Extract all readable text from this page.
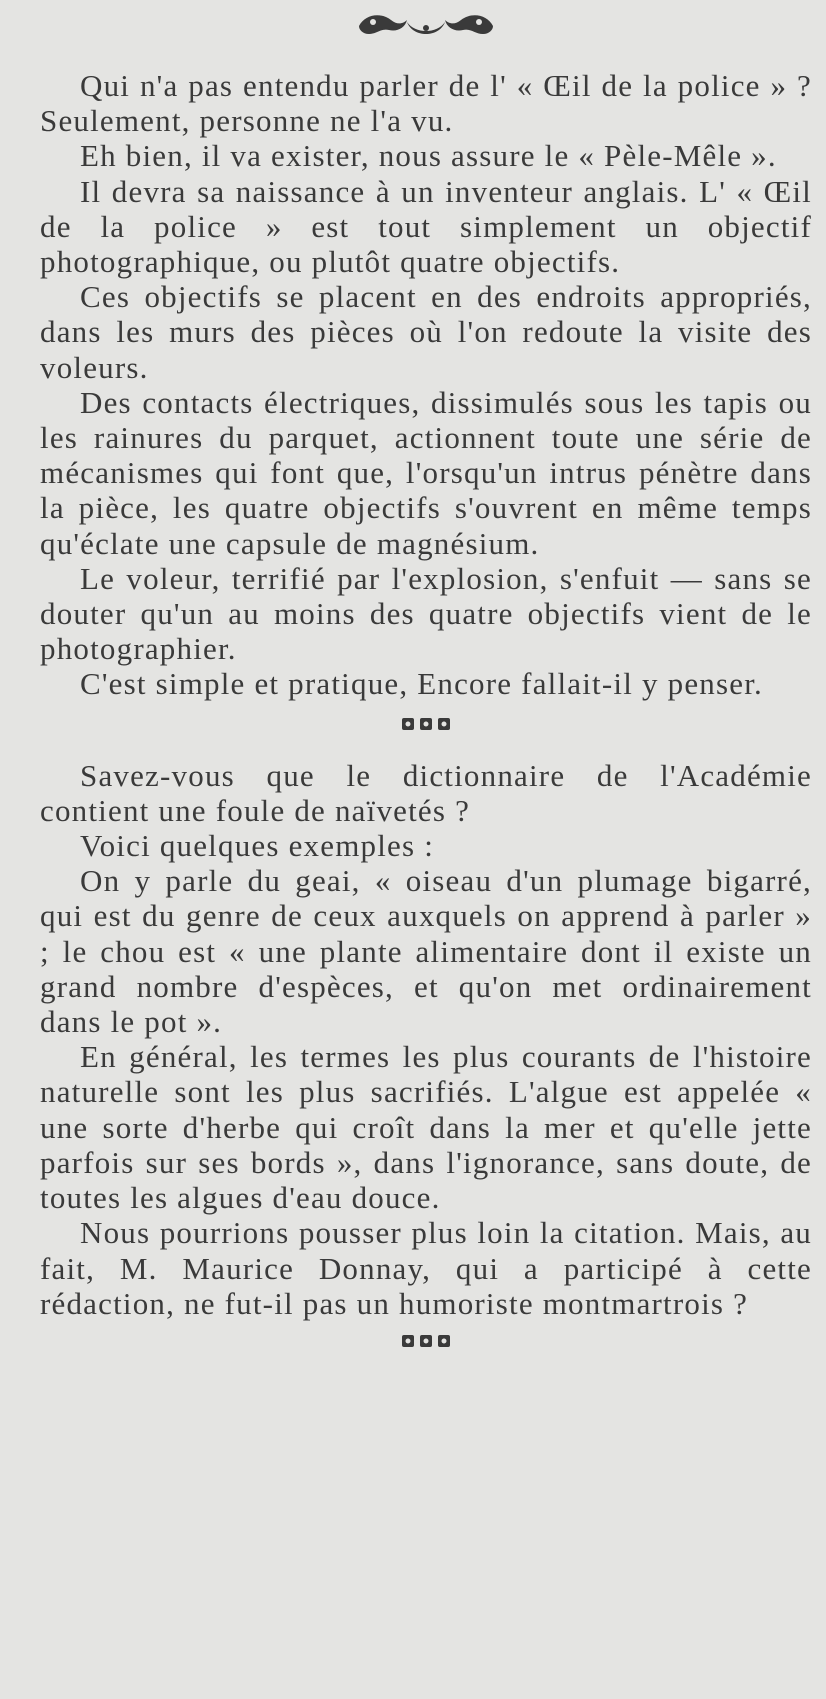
Qui n'a pas entendu parler de l' « Œil de la police » ? Seulement, personne ne l'a vu.

Eh bien, il va exister, nous assure le « Pèle-Mêle ».

Il devra sa naissance à un inventeur anglais. L' « Œil de la police » est tout simplement un objectif photographique, ou plutôt quatre objectifs.

Ces objectifs se placent en des endroits appropriés, dans les murs des pièces où l'on redoute la visite des voleurs.

Des contacts électriques, dissimulés sous les tapis ou les rainures du parquet, actionnent toute une série de mécanismes qui font que, l'orsqu'un intrus pénètre dans la pièce, les quatre objectifs s'ouvrent en même temps qu'éclate une capsule de magnésium.

Le voleur, terrifié par l'explosion, s'enfuit — sans se douter qu'un au moins des quatre objectifs vient de le photographier.

C'est simple et pratique, Encore fallait-il y penser.

Savez-vous que le dictionnaire de l'Académie contient une foule de naïvetés ?

Voici quelques exemples :

On y parle du geai, « oiseau d'un plumage bigarré, qui est du genre de ceux auxquels on apprend à parler » ; le chou est « une plante alimentaire dont il existe un grand nombre d'espèces, et qu'on met ordinairement dans le pot ».

En général, les termes les plus courants de l'histoire naturelle sont les plus sacrifiés. L'algue est appelée « une sorte d'herbe qui croît dans la mer et qu'elle jette parfois sur ses bords », dans l'ignorance, sans doute, de toutes les algues d'eau douce.

Nous pourrions pousser plus loin la citation. Mais, au fait, M. Maurice Donnay, qui a participé à cette rédaction, ne fut-il pas un humoriste montmartrois ?
